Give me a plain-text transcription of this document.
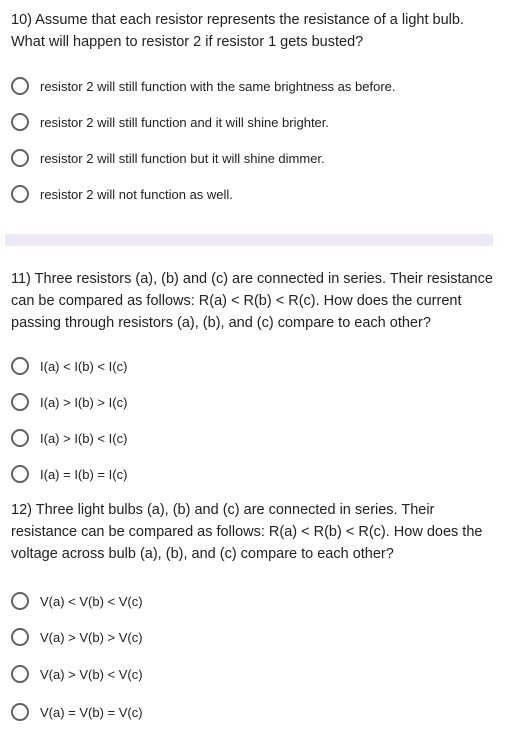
10) Assume that each resistor represents the resistance of a light bulb. What will happen to resistor 2 if resistor 1 gets busted?

resistor 2 will still function with the same brightness as before.
resistor 2 will still function and it will shine brighter.
resistor 2 will still function but it will shine dimmer.
resistor 2 will not function as well.

11) Three resistors (a), (b) and (c) are connected in series. Their resistance can be compared as follows: R(a) < R(b) < R(c). How does the current passing through resistors (a), (b), and (c) compare to each other?

I(a) < I(b) < I(c)
I(a) > I(b) > I(c)
I(a) > I(b) < I(c)
I(a) = I(b) = I(c)

12) Three light bulbs (a), (b) and (c) are connected in series. Their resistance can be compared as follows: R(a) < R(b) < R(c). How does the voltage across bulb (a), (b), and (c) compare to each other?

V(a) < V(b) < V(c)
V(a) > V(b) > V(c)
V(a) > V(b) < V(c)
V(a) = V(b) = V(c)
